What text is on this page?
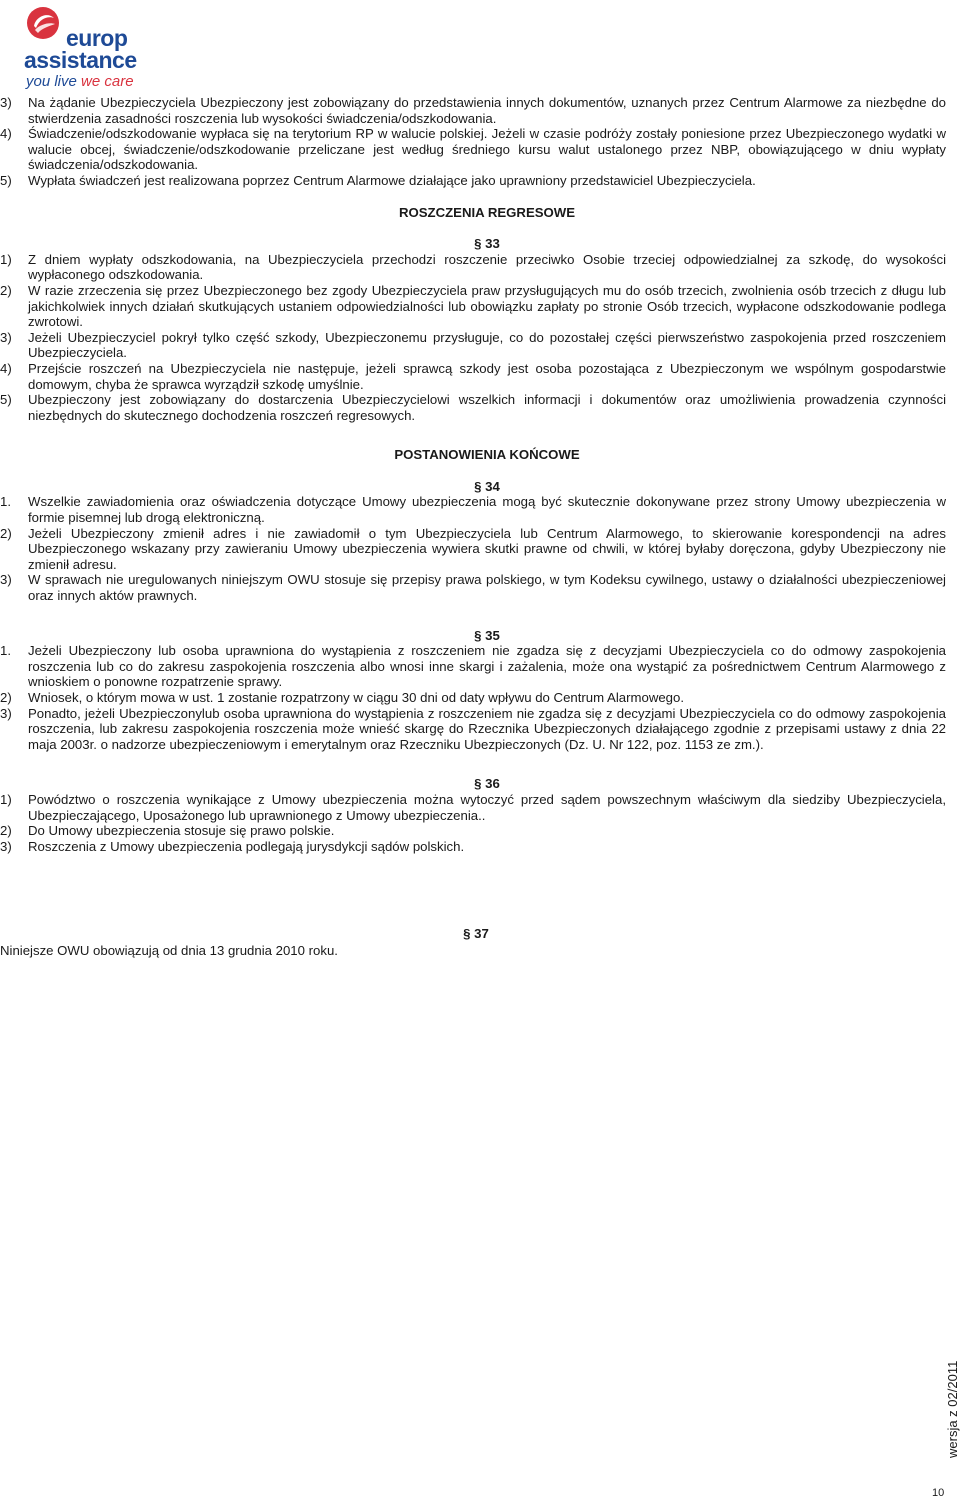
europ
assistance
you live we care
3)	Na żądanie Ubezpieczyciela Ubezpieczony jest zobowiązany do przedstawienia innych dokumentów, uznanych przez Centrum Alarmowe za niezbędne do stwierdzenia zasadności roszczenia lub wysokości świadczenia/odszkodowania.
4)	Świadczenie/odszkodowanie wypłaca się na terytorium RP w walucie polskiej. Jeżeli w czasie podróży zostały poniesione przez Ubezpieczonego wydatki w walucie obcej, świadczenie/odszkodowanie przeliczane jest według średniego kursu walut ustalonego przez NBP, obowiązującego w dniu wypłaty świadczenia/odszkodowania.
5)	Wypłata świadczeń jest realizowana poprzez Centrum Alarmowe działające jako uprawniony przedstawiciel Ubezpieczyciela.
ROSZCZENIA REGRESOWE
§ 33
1)	Z dniem wypłaty odszkodowania, na Ubezpieczyciela przechodzi roszczenie przeciwko Osobie trzeciej odpowiedzialnej za szkodę, do wysokości wypłaconego odszkodowania.
2)	W razie zrzeczenia się przez Ubezpieczonego bez zgody Ubezpieczyciela praw przysługujących mu do osób trzecich, zwolnienia osób trzecich z długu lub jakichkolwiek innych działań skutkujących ustaniem odpowiedzialności lub obowiązku zapłaty po stronie Osób trzecich, wypłacone odszkodowanie podlega zwrotowi.
3)	Jeżeli Ubezpieczyciel pokrył tylko część szkody, Ubezpieczonemu przysługuje, co do pozostałej części pierwszeństwo zaspokojenia przed roszczeniem Ubezpieczyciela.
4)	Przejście roszczeń na Ubezpieczyciela nie następuje, jeżeli sprawcą szkody jest osoba pozostająca z Ubezpieczonym we wspólnym gospodarstwie domowym, chyba że sprawca wyrządził szkodę umyślnie.
5)	Ubezpieczony jest zobowiązany do dostarczenia Ubezpieczycielowi wszelkich informacji i dokumentów oraz umożliwienia prowadzenia czynności niezbędnych do skutecznego dochodzenia roszczeń regresowych.
POSTANOWIENIA KOŃCOWE
§ 34
1.	Wszelkie zawiadomienia oraz oświadczenia dotyczące Umowy ubezpieczenia mogą być skutecznie dokonywane przez strony Umowy ubezpieczenia w formie pisemnej lub drogą elektroniczną.
2)	Jeżeli Ubezpieczony zmienił adres i nie zawiadomił o tym Ubezpieczyciela lub Centrum Alarmowego, to skierowanie korespondencji na adres Ubezpieczonego wskazany przy zawieraniu Umowy ubezpieczenia wywiera skutki prawne od chwili, w której byłaby doręczona, gdyby Ubezpieczony nie zmienił adresu.
3)	W sprawach nie uregulowanych niniejszym OWU stosuje się przepisy prawa polskiego, w tym Kodeksu cywilnego, ustawy o działalności ubezpieczeniowej oraz innych aktów prawnych.
§ 35
1.	Jeżeli Ubezpieczony lub osoba uprawniona do wystąpienia z roszczeniem nie zgadza się z decyzjami Ubezpieczyciela co do odmowy zaspokojenia roszczenia lub co do zakresu zaspokojenia roszczenia albo wnosi inne skargi i zażalenia, może ona wystąpić za pośrednictwem Centrum Alarmowego z wnioskiem o ponowne rozpatrzenie sprawy.
2)	Wniosek, o którym mowa w ust. 1 zostanie rozpatrzony w ciągu 30 dni od daty wpływu do Centrum Alarmowego.
3)	Ponadto, jeżeli Ubezpieczonylub osoba uprawniona do wystąpienia z roszczeniem nie zgadza się z decyzjami Ubezpieczyciela co do odmowy zaspokojenia roszczenia, lub zakresu zaspokojenia roszczenia może wnieść skargę do Rzecznika Ubezpieczonych działającego zgodnie z przepisami ustawy z dnia 22 maja 2003r. o nadzorze ubezpieczeniowym i emerytalnym oraz Rzeczniku Ubezpieczonych (Dz. U. Nr 122, poz. 1153 ze zm.).
§ 36
1)	Powództwo o roszczenia wynikające z Umowy ubezpieczenia można wytoczyć przed sądem powszechnym właściwym dla siedziby Ubezpieczyciela, Ubezpieczającego, Uposażonego lub uprawnionego z Umowy ubezpieczenia..
2)	Do Umowy ubezpieczenia stosuje się prawo polskie.
3)	Roszczenia z Umowy ubezpieczenia podlegają jurysdykcji sądów polskich.
§ 37
Niniejsze OWU obowiązują od dnia 13 grudnia 2010 roku.
wersja z 02/2011
10
